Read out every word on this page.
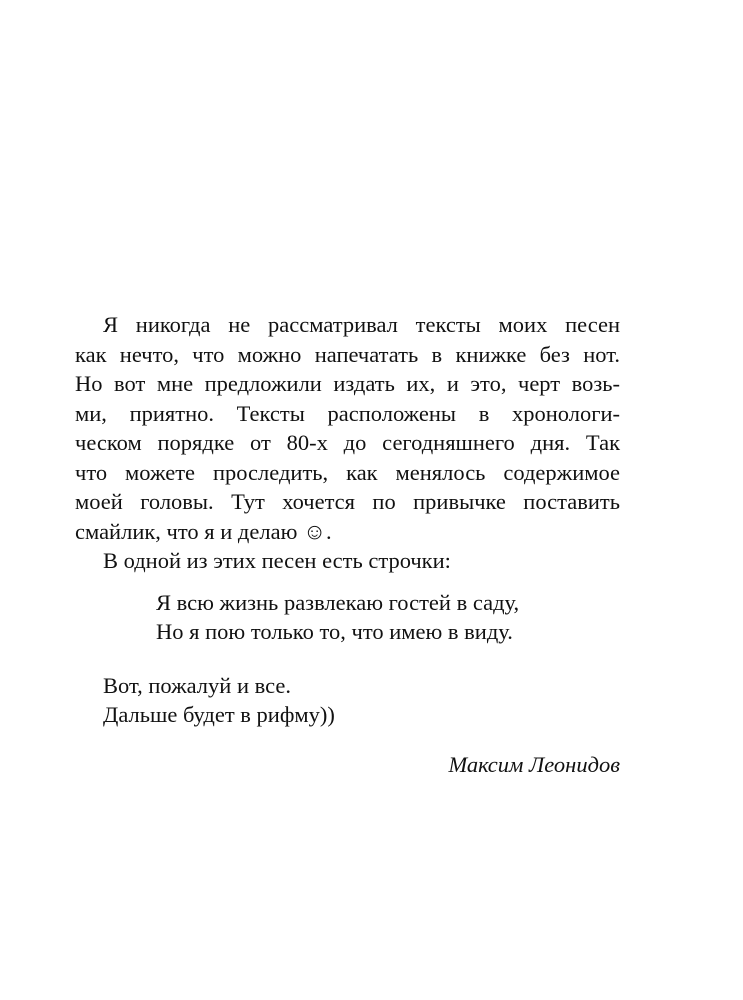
Я никогда не рассматривал тексты моих песен
как нечто, что можно напечатать в книжке без нот.
Но вот мне предложили издать их, и это, черт возь-
ми, приятно. Тексты расположены в хронологи-
ческом порядке от 80-х до сегодняшнего дня. Так
что можете проследить, как менялось содержимое
моей головы. Тут хочется по привычке поставить
смайлик, что я и делаю ☺.
В одной из этих песен есть строчки:
Я всю жизнь развлекаю гостей в саду,
Но я пою только то, что имею в виду.
Вот, пожалуй и все.
Дальше будет в рифму))
Максим Леонидов
